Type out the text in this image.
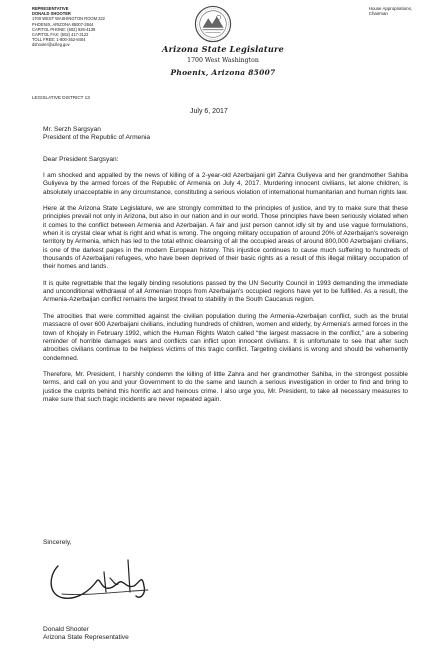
REPRESENTATIVE
DONALD SHOOTER
1700 WEST WASHINGTON ROOM 222
PHOENIX, ARIZONA 85007-2844
CAPITOL PHONE: (602) 926-4139
CAPITOL FAX: (602) 417-3122
TOLL FREE: 1-800-352-8404
dshooter@azleg.gov
LEGISLATIVE DISTRICT 13
House Appropriations,
Chairman
Arizona State Legislature
1700 West Washington
Phoenix, Arizona 85007
July 6, 2017
Mr. Serzh Sargsyan
President of the Republic of Armenia
Dear President Sargsyan:

I am shocked and appalled by the news of killing of a 2-year-old Azerbaijani girl Zahra Guliyeva and her grandmother Sahiba Guliyeva by the armed forces of the Republic of Armenia on July 4, 2017. Murdering innocent civilians, let alone children, is absolutely unacceptable in any circumstance, constituting a serious violation of international humanitarian and human rights law.

Here at the Arizona State Legislature, we are strongly committed to the principles of justice, and try to make sure that these principles prevail not only in Arizona, but also in our nation and in our world. Those principles have been seriously violated when it comes to the conflict between Armenia and Azerbaijan. A fair and just person cannot idly sit by and use vague formulations, when it is crystal clear what is right and what is wrong. The ongoing military occupation of around 20% of Azerbaijan's sovereign territory by Armenia, which has led to the total ethnic cleansing of all the occupied areas of around 800,000 Azerbaijani civilians, is one of the darkest pages in the modern European history. This injustice continues to cause much suffering to hundreds of thousands of Azerbaijani refugees, who have been deprived of their basic rights as a result of this illegal military occupation of their homes and lands.

It is quite regrettable that the legally binding resolutions passed by the UN Security Council in 1993 demanding the immediate and unconditional withdrawal of all Armenian troops from Azerbaijan's occupied regions have yet to be fulfilled. As a result, the Armenia-Azerbaijan conflict remains the largest threat to stability in the South Caucasus region.

The atrocities that were committed against the civilian population during the Armenia-Azerbaijan conflict, such as the brutal massacre of over 600 Azerbaijani civilians, including hundreds of children, women and elderly, by Armenia's armed forces in the town of Khojaly in February 1992, which the Human Rights Watch called “the largest massacre in the conflict,” are a sobering reminder of horrible damages wars and conflicts can inflict upon innocent civilians. It is unfortunate to see that after such atrocities civilians continue to be helpless victims of this tragic conflict. Targeting civilians is wrong and should be vehemently condemned.

Therefore, Mr. President, I harshly condemn the killing of little Zahra and her grandmother Sahiba, in the strongest possible terms, and call on you and your Government to do the same and launch a serious investigation in order to find and bring to justice the culprits behind this horrific act and heinous crime. I also urge you, Mr. President, to take all necessary measures to make sure that such tragic incidents are never repeated again.

Sincerely,
Donald Shooter
Arizona State Representative
